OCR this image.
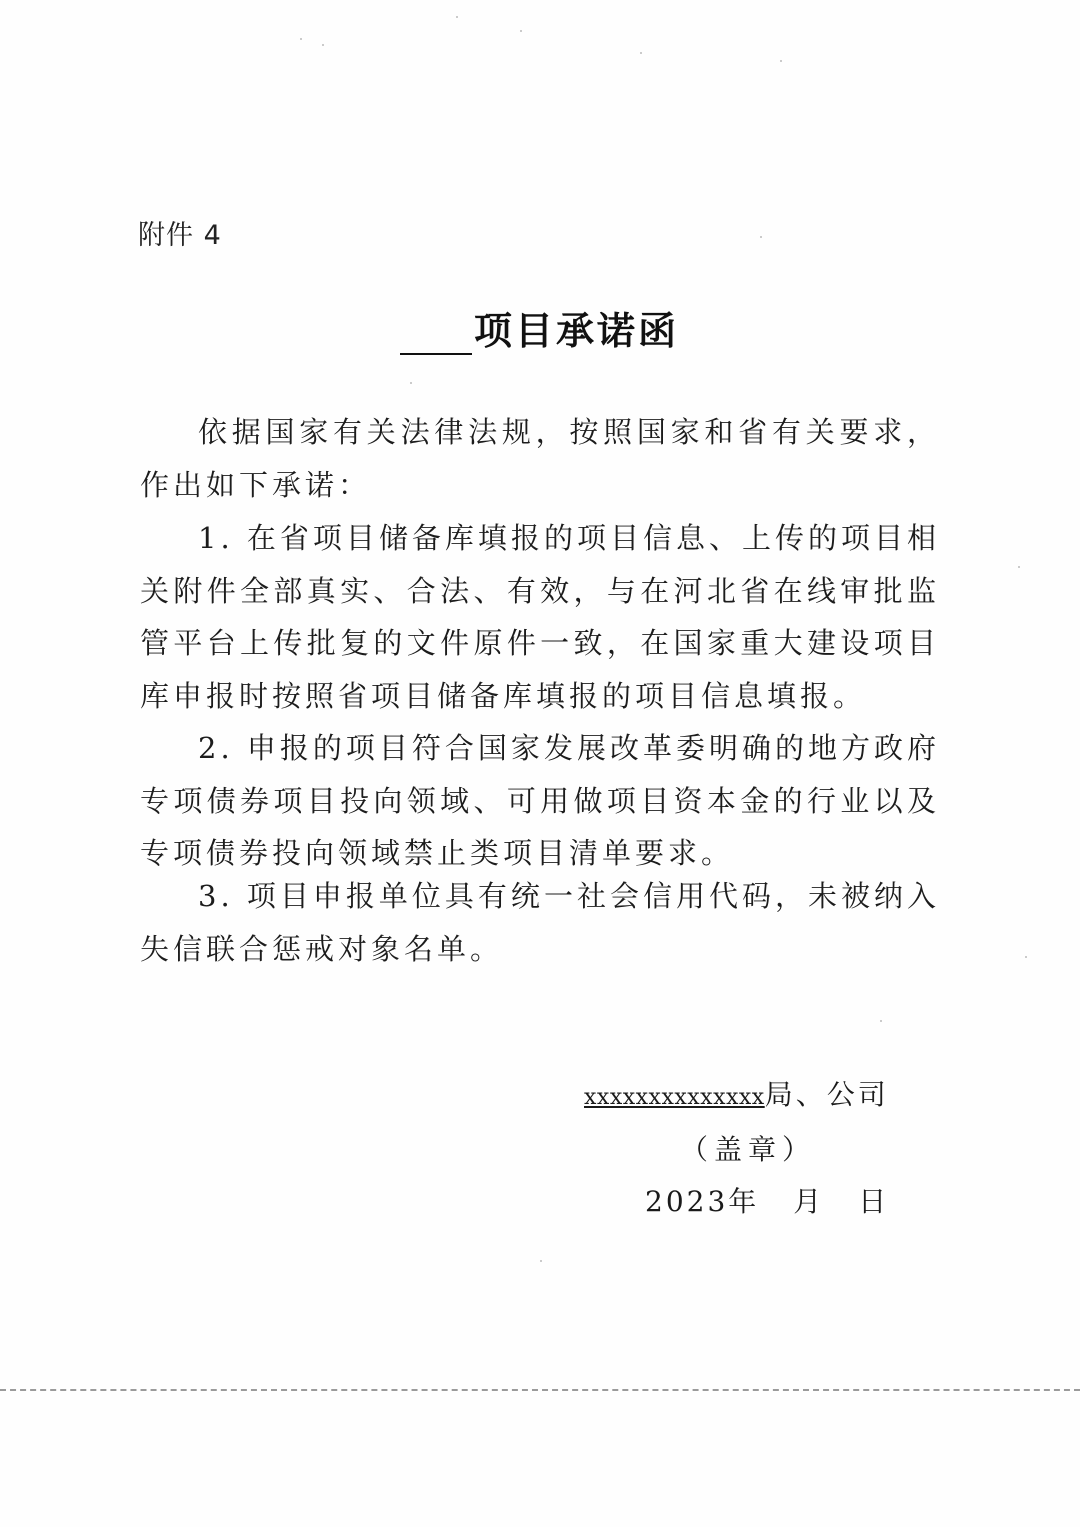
附件 4
项目承诺函
依据国家有关法律法规，按照国家和省有关要求，作出如下承诺：
1. 在省项目储备库填报的项目信息、上传的项目相关附件全部真实、合法、有效，与在河北省在线审批监管平台上传批复的文件原件一致，在国家重大建设项目库申报时按照省项目储备库填报的项目信息填报。
2. 申报的项目符合国家发展改革委明确的地方政府专项债券项目投向领域、可用做项目资本金的行业以及专项债券投向领域禁止类项目清单要求。
3. 项目申报单位具有统一社会信用代码，未被纳入失信联合惩戒对象名单。
xxxxxxxxxxxxxx局、公司
（盖章）
2023年 月 日
